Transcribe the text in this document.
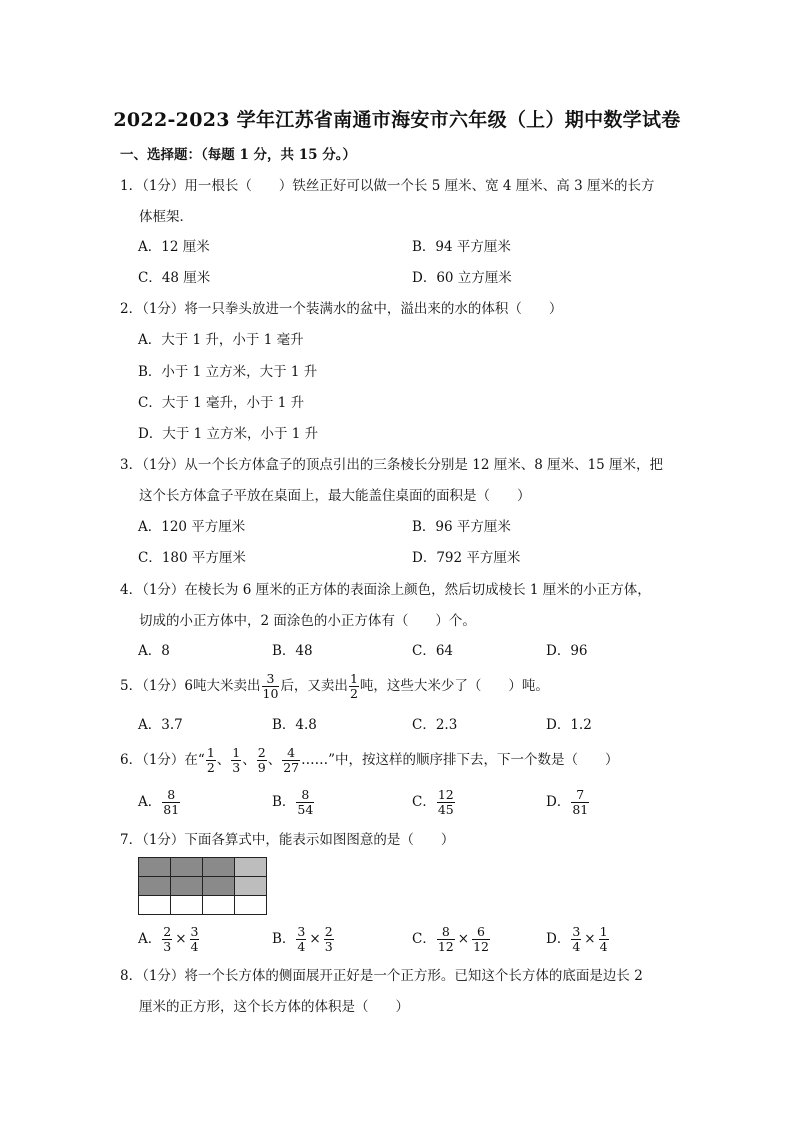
2022-2023 学年江苏省南通市海安市六年级（上）期中数学试卷
一、选择题：（每题 1 分，共 15 分。）
1．（1分）用一根长（　　）铁丝正好可以做一个长 5 厘米、宽 4 厘米、高 3 厘米的长方
体框架．
A．12 厘米	B．94 平方厘米
C．48 厘米	D．60 立方厘米
2．（1分）将一只拳头放进一个装满水的盆中，溢出来的水的体积（　　）
A．大于 1 升，小于 1 毫升
B．小于 1 立方米，大于 1 升
C．大于 1 毫升，小于 1 升
D．大于 1 立方米，小于 1 升
3．（1分）从一个长方体盒子的顶点引出的三条棱长分别是 12 厘米、8 厘米、15 厘米，把
这个长方体盒子平放在桌面上，最大能盖住桌面的面积是（　　）
A．120 平方厘米	B．96 平方厘米
C．180 平方厘米	D．792 平方厘米
4．（1分）在棱长为 6 厘米的正方体的表面涂上颜色，然后切成棱长 1 厘米的小正方体，
切成的小正方体中，2 面涂色的小正方体有（　　）个。
A．8	B．48	C．64	D．96
5．（1分）6吨大米卖出 $\frac{3}{10}$ 后，又卖出 $\frac{1}{2}$ 吨，这些大米少了（　　）吨。
A．3.7	B．4.8	C．2.3	D．1.2
6．（1分）在“ $\frac{1}{2}$ 、 $\frac{1}{3}$ 、 $\frac{2}{9}$ 、 $\frac{4}{27}$ ……”中，按这样的顺序排下去，下一个数是（　　）
A． $\frac{8}{81}$	B． $\frac{8}{54}$	C． $\frac{12}{45}$	D． $\frac{7}{81}$
7．（1分）下面各算式中，能表示如图图意的是（　　）

A． $\frac{2}{3} \times \frac{3}{4}$	B． $\frac{3}{4} \times \frac{2}{3}$	C． $\frac{8}{12} \times \frac{6}{12}$	D． $\frac{3}{4} \times \frac{1}{4}$
8．（1分）将一个长方体的侧面展开正好是一个正方形。已知这个长方体的底面是边长 2
厘米的正方形，这个长方体的体积是（　　）
